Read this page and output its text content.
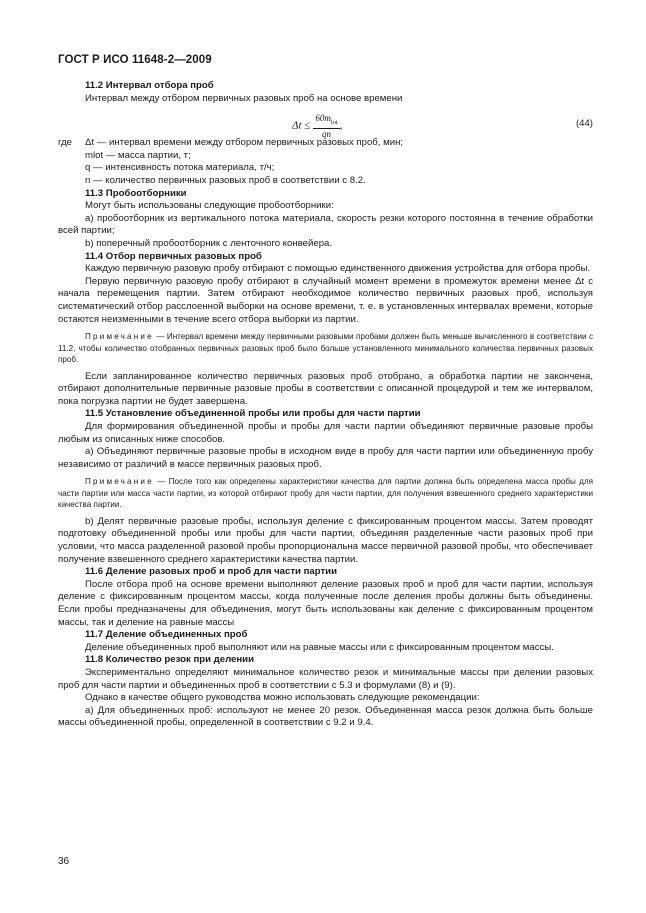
ГОСТ Р ИСО 11648-2—2009

11.2 Интервал отбора проб

Интервал между отбором первичных разовых проб на основе времени

$\Delta t \le \frac{60m_{lot}}{qn}$ ,	(44)
где	Δt — интервал времени между отбором первичных разовых проб, мин;

mlot — масса партии, т;

q — интенсивность потока материала, т/ч;

n — количество первичных разовых проб в соответствии с 8.2.

11.3 Пробоотборники

Могут быть использованы следующие пробоотборники:

a) пробоотборник из вертикального потока материала, скорость резки которого постоянна в течение обработки всей партии;

b) поперечный пробоотборник с ленточного конвейера.

11.4 Отбор первичных разовых проб

Каждую первичную разовую пробу отбирают с помощью единственного движения устройства для отбора пробы.

Первую первичную разовую пробу отбирают в случайный момент времени в промежуток времени менее Δt с начала перемещения партии. Затем отбирают необходимое количество первичных разовых проб, используя систематический отбор расслоенной выборки на основе времени, т. е. в установленных интервалах времени, которые остаются неизменными в течение всего отбора выборки из партии.

Примечание — Интервал времени между первичными разовыми пробами должен быть меньше вычисленного в соответствии с 11.2, чтобы количество отобранных первичных разовых проб было больше установленного минимального количества первичных разовых проб.

Если запланированное количество первичных разовых проб отобрано, а обработка партии не закончена, отбирают дополнительные первичные разовые пробы в соответствии с описанной процедурой и тем же интервалом, пока погрузка партии не будет завершена.

11.5 Установление объединенной пробы или пробы для части партии

Для формирования объединенной пробы и пробы для части партии объединяют первичные разовые пробы любым из описанных ниже способов.

a) Объединяют первичные разовые пробы в исходном виде в пробу для части партии или объединенную пробу независимо от различий в массе первичных разовых проб.

Примечание — После того как определены характеристики качества для партии должна быть определена масса пробы для части партии или масса части партии, из которой отбирают пробу для части партии, для получения взвешенного среднего характеристики качества партии.

b) Делят первичные разовые пробы, используя деление с фиксированным процентом массы. Затем проводят подготовку объединенной пробы или пробы для части партии, объединяя разделенные части разовых проб при условии, что масса разделенной разовой пробы пропорциональна массе первичной разовой пробы, что обеспечивает получение взвешенного среднего характеристики качества партии.

11.6 Деление разовых проб и проб для части партии

После отбора проб на основе времени выполняют деление разовых проб и проб для части партии, используя деление с фиксированным процентом массы, когда полученные после деления пробы должны быть объединены. Если пробы предназначены для объединения, могут быть использованы как деление с фиксированным процентом массы, так и деление на равные массы

11.7 Деление объединенных проб

Деление объединенных проб выполняют или на равные массы или с фиксированным процентом массы.

11.8 Количество резок при делении

Экспериментально определяют минимальное количество резок и минимальные массы при делении разовых проб для части партии и объединенных проб в соответствии с 5.3 и формулами (8) и (9).

Однако в качестве общего руководства можно использовать следующие рекомендации:

a) Для объединенных проб: используют не менее 20 резок. Объединенная масса резок должна быть больше массы объединенной пробы, определенной в соответствии с 9.2 и 9.4.

36
